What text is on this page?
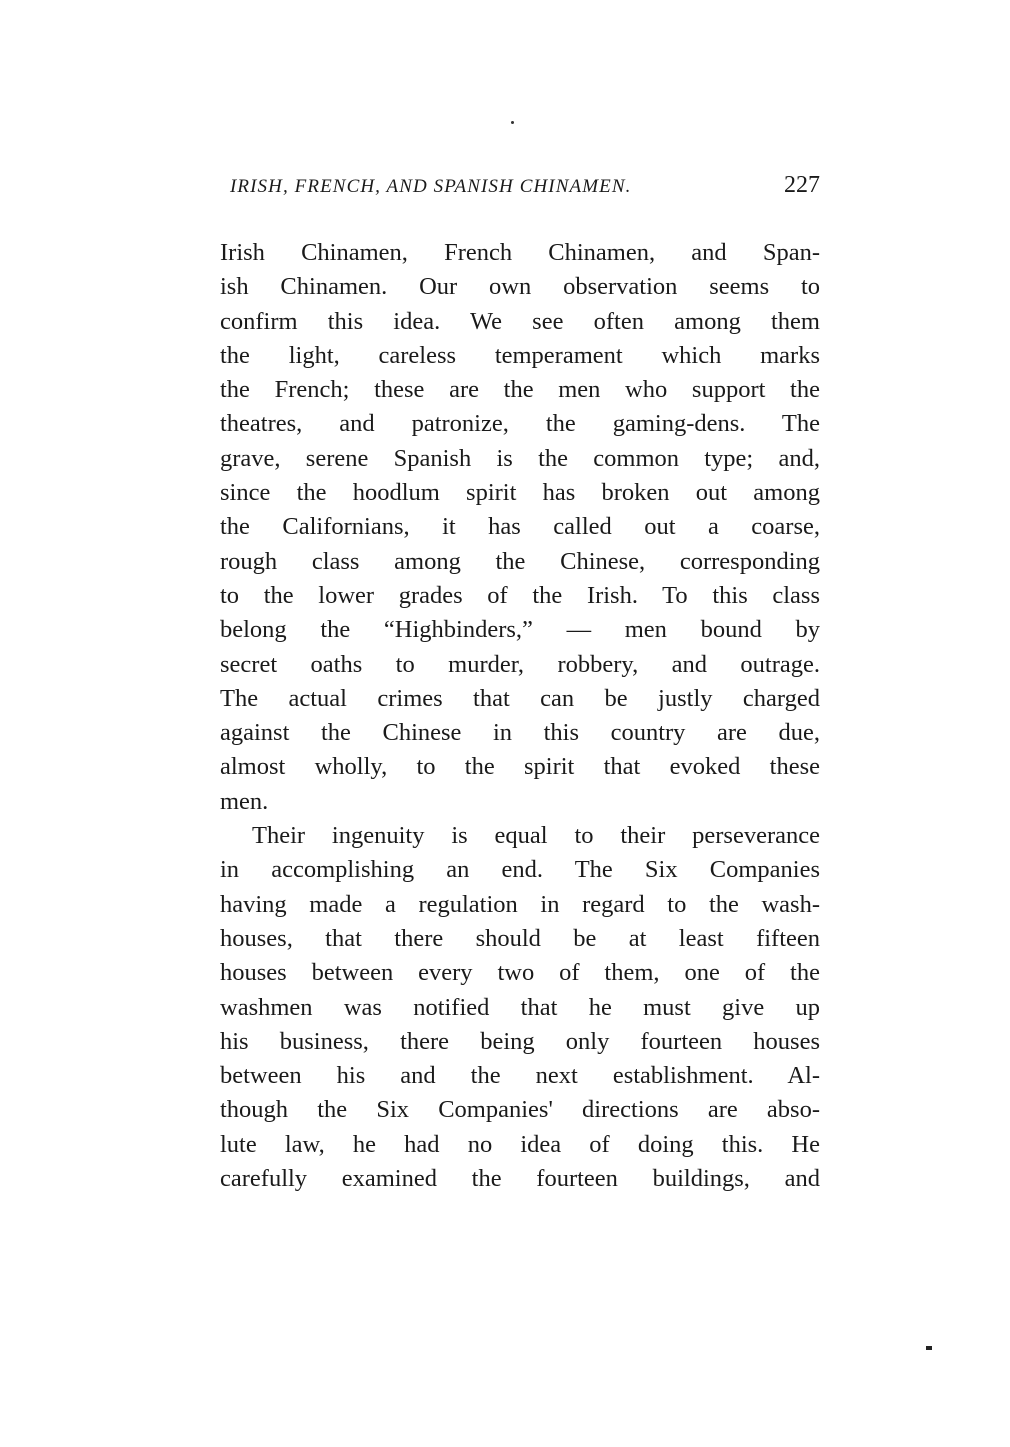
IRISH, FRENCH, AND SPANISH CHINAMEN.	227
Irish Chinamen, French Chinamen, and Span-
ish Chinamen. Our own observation seems to
confirm this idea. We see often among them
the light, careless temperament which marks
the French; these are the men who support the
theatres, and patronize, the gaming-dens. The
grave, serene Spanish is the common type; and,
since the hoodlum spirit has broken out among
the Californians, it has called out a coarse,
rough class among the Chinese, corresponding
to the lower grades of the Irish. To this class
belong the “Highbinders,” — men bound by
secret oaths to murder, robbery, and outrage.
The actual crimes that can be justly charged
against the Chinese in this country are due,
almost wholly, to the spirit that evoked these
men.
Their ingenuity is equal to their perseverance
in accomplishing an end. The Six Companies
having made a regulation in regard to the wash-
houses, that there should be at least fifteen
houses between every two of them, one of the
washmen was notified that he must give up
his business, there being only fourteen houses
between his and the next establishment. Al-
though the Six Companies' directions are abso-
lute law, he had no idea of doing this. He
carefully examined the fourteen buildings, and
